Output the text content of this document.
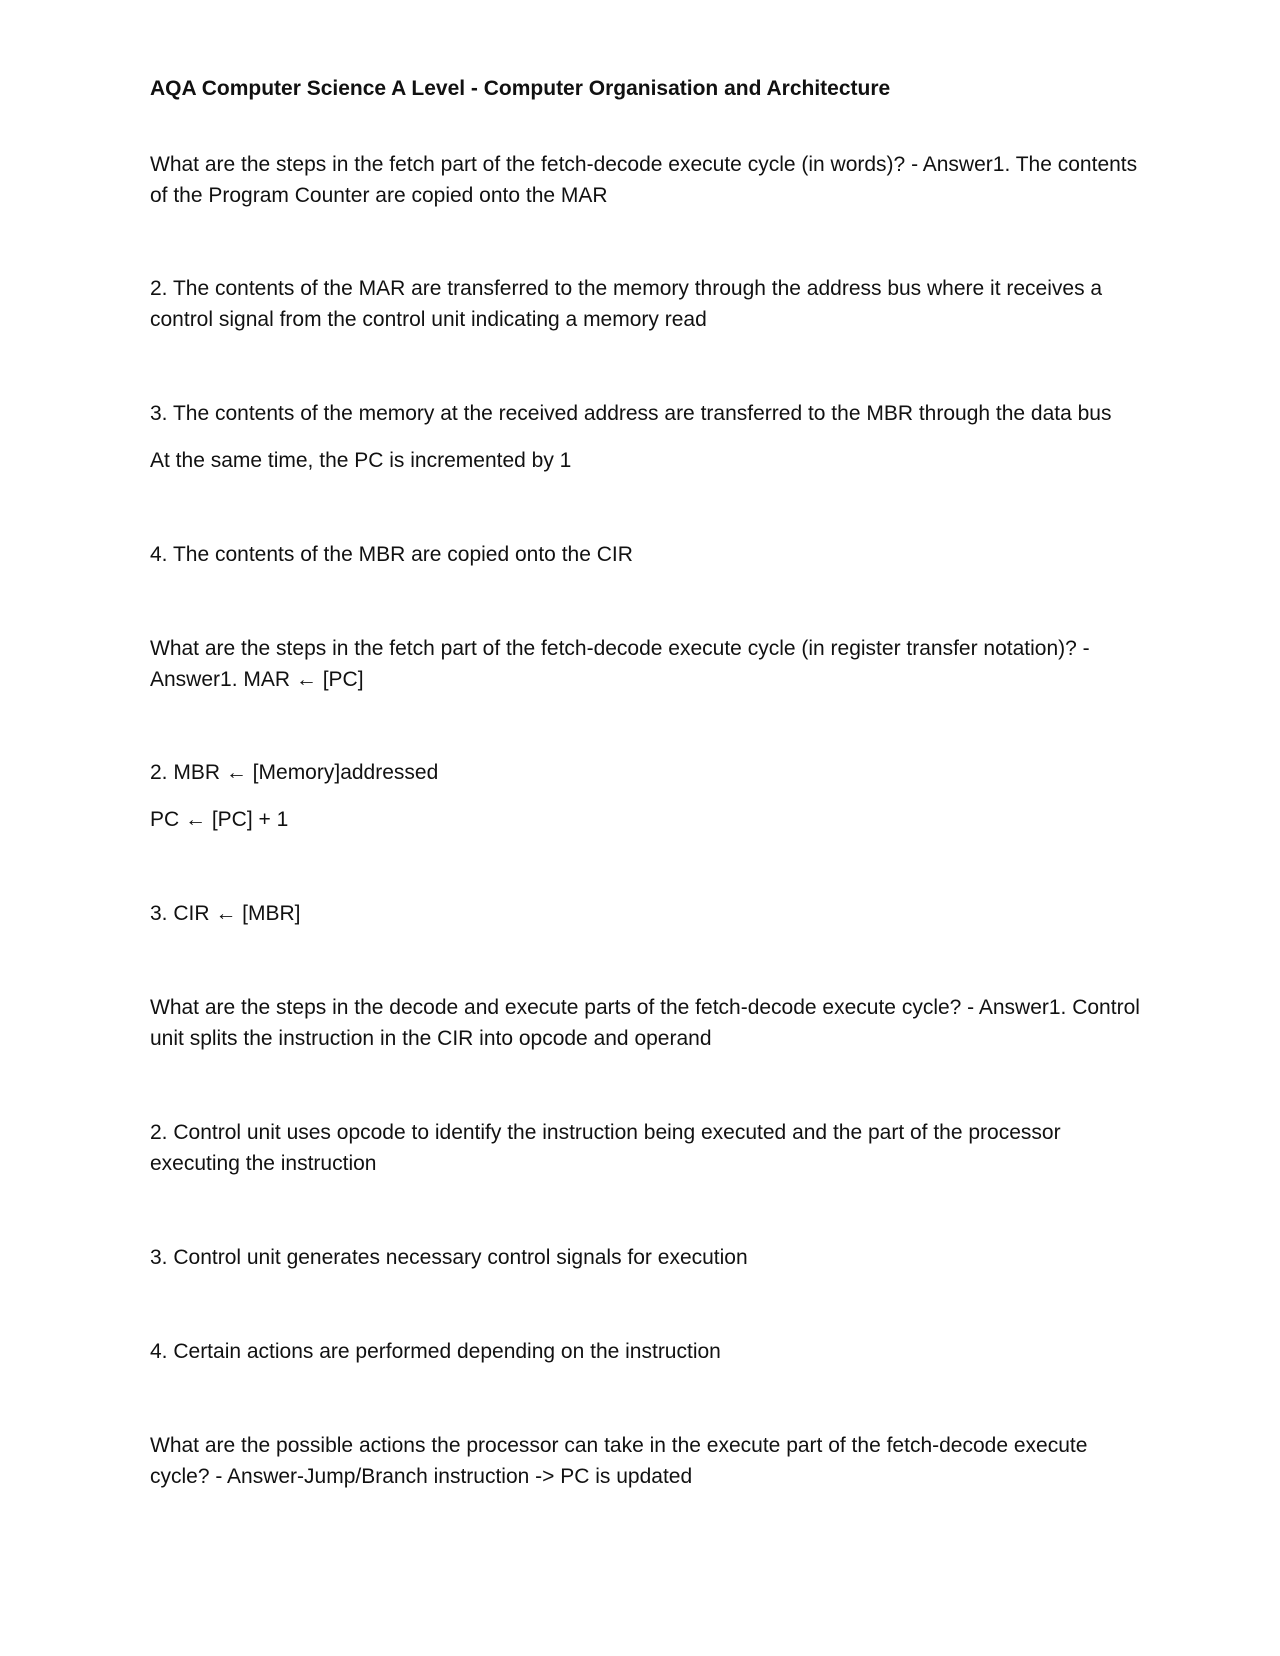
AQA Computer Science A Level - Computer Organisation and Architecture
What are the steps in the fetch part of the fetch-decode execute cycle (in words)? - Answer1. The contents of the Program Counter are copied onto the MAR
2. The contents of the MAR are transferred to the memory through the address bus where it receives a control signal from the control unit indicating a memory read
3. The contents of the memory at the received address are transferred to the MBR through the data bus
At the same time, the PC is incremented by 1
4. The contents of the MBR are copied onto the CIR
What are the steps in the fetch part of the fetch-decode execute cycle (in register transfer notation)? - Answer1. MAR ← [PC]
2. MBR ← [Memory]addressed
PC ← [PC] + 1
3. CIR ← [MBR]
What are the steps in the decode and execute parts of the fetch-decode execute cycle? - Answer1. Control unit splits the instruction in the CIR into opcode and operand
2. Control unit uses opcode to identify the instruction being executed and the part of the processor executing the instruction
3. Control unit generates necessary control signals for execution
4. Certain actions are performed depending on the instruction
What are the possible actions the processor can take in the execute part of the fetch-decode execute cycle? - Answer-Jump/Branch instruction -> PC is updated
